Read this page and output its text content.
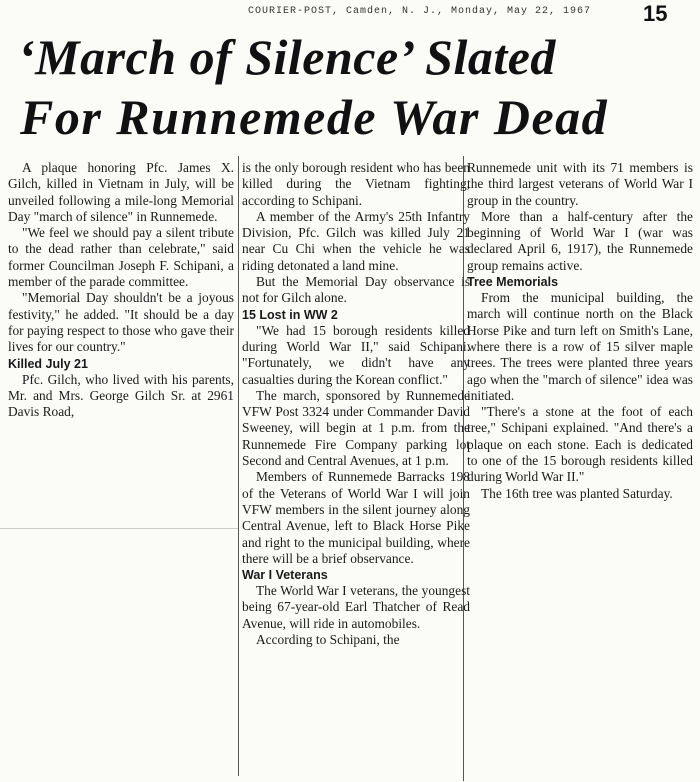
COURIER-POST, Camden, N. J., Monday, May 22, 1967 15
‘March of Silence’ Slated
For Runnemede War Dead

A plaque honoring Pfc. James X. Gilch, killed in Vietnam in July, will be unveiled following a mile-long Memorial Day "march of silence" in Runnemede.

"We feel we should pay a silent tribute to the dead rather than celebrate," said former Councilman Joseph F. Schipani, a member of the parade committee.

"Memorial Day shouldn't be a joyous festivity," he added. "It should be a day for paying respect to those who gave their lives for our country."

Killed July 21

Pfc. Gilch, who lived with his parents, Mr. and Mrs. George Gilch Sr. at 2961 Davis Road,

is the only borough resident who has been killed during the Vietnam fighting, according to Schipani.

A member of the Army's 25th Infantry Division, Pfc. Gilch was killed July 21 near Cu Chi when the vehicle he was riding detonated a land mine.

But the Memorial Day observance is not for Gilch alone.

15 Lost in WW 2

"We had 15 borough residents killed during World War II," said Schipani. "Fortunately, we didn't have any casualties during the Korean conflict."

The march, sponsored by Runnemede VFW Post 3324 under Commander David Sweeney, will begin at 1 p.m. from the Runnemede Fire Company parking lot Second and Central Avenues, at 1 p.m.

Members of Runnemede Barracks 198 of the Veterans of World War I will join VFW members in the silent journey along Central Avenue, left to Black Horse Pike and right to the municipal building, where there will be a brief observance.

War I Veterans

The World War I veterans, the youngest being 67-year-old Earl Thatcher of Read Avenue, will ride in automobiles.

According to Schipani, the

Runnemede unit with its 71 members is the third largest veterans of World War I group in the country.

More than a half-century after the beginning of World War I (war was declared April 6, 1917), the Runnemede group remains active.

Tree Memorials

From the municipal building, the march will continue north on the Black Horse Pike and turn left on Smith's Lane, where there is a row of 15 silver maple trees. The trees were planted three years ago when the "march of silence" idea was initiated.

"There's a stone at the foot of each tree," Schipani explained. "And there's a plaque on each stone. Each is dedicated to one of the 15 borough residents killed during World War II."

The 16th tree was planted Saturday.
